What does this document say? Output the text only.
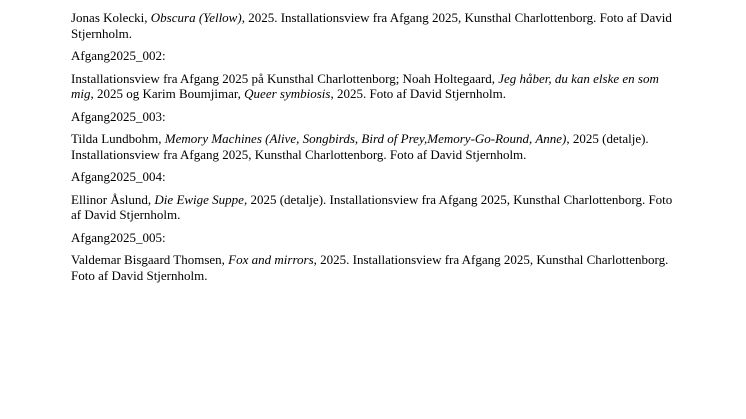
Jonas Kolecki, Obscura (Yellow), 2025. Installationsview fra Afgang 2025, Kunsthal Charlottenborg. Foto af David Stjernholm.

Afgang2025_002:

Installationsview fra Afgang 2025 på Kunsthal Charlottenborg; Noah Holtegaard, Jeg håber, du kan elske en som mig, 2025 og Karim Boumjimar, Queer symbiosis, 2025. Foto af David Stjernholm.

Afgang2025_003:

Tilda Lundbohm, Memory Machines (Alive, Songbirds, Bird of Prey,Memory-Go-Round, Anne), 2025 (detalje). Installationsview fra Afgang 2025, Kunsthal Charlottenborg. Foto af David Stjernholm.

Afgang2025_004:

Ellinor Åslund, Die Ewige Suppe, 2025 (detalje). Installationsview fra Afgang 2025, Kunsthal Charlottenborg. Foto af David Stjernholm.

Afgang2025_005:

Valdemar Bisgaard Thomsen, Fox and mirrors, 2025. Installationsview fra Afgang 2025, Kunsthal Charlottenborg. Foto af David Stjernholm.
